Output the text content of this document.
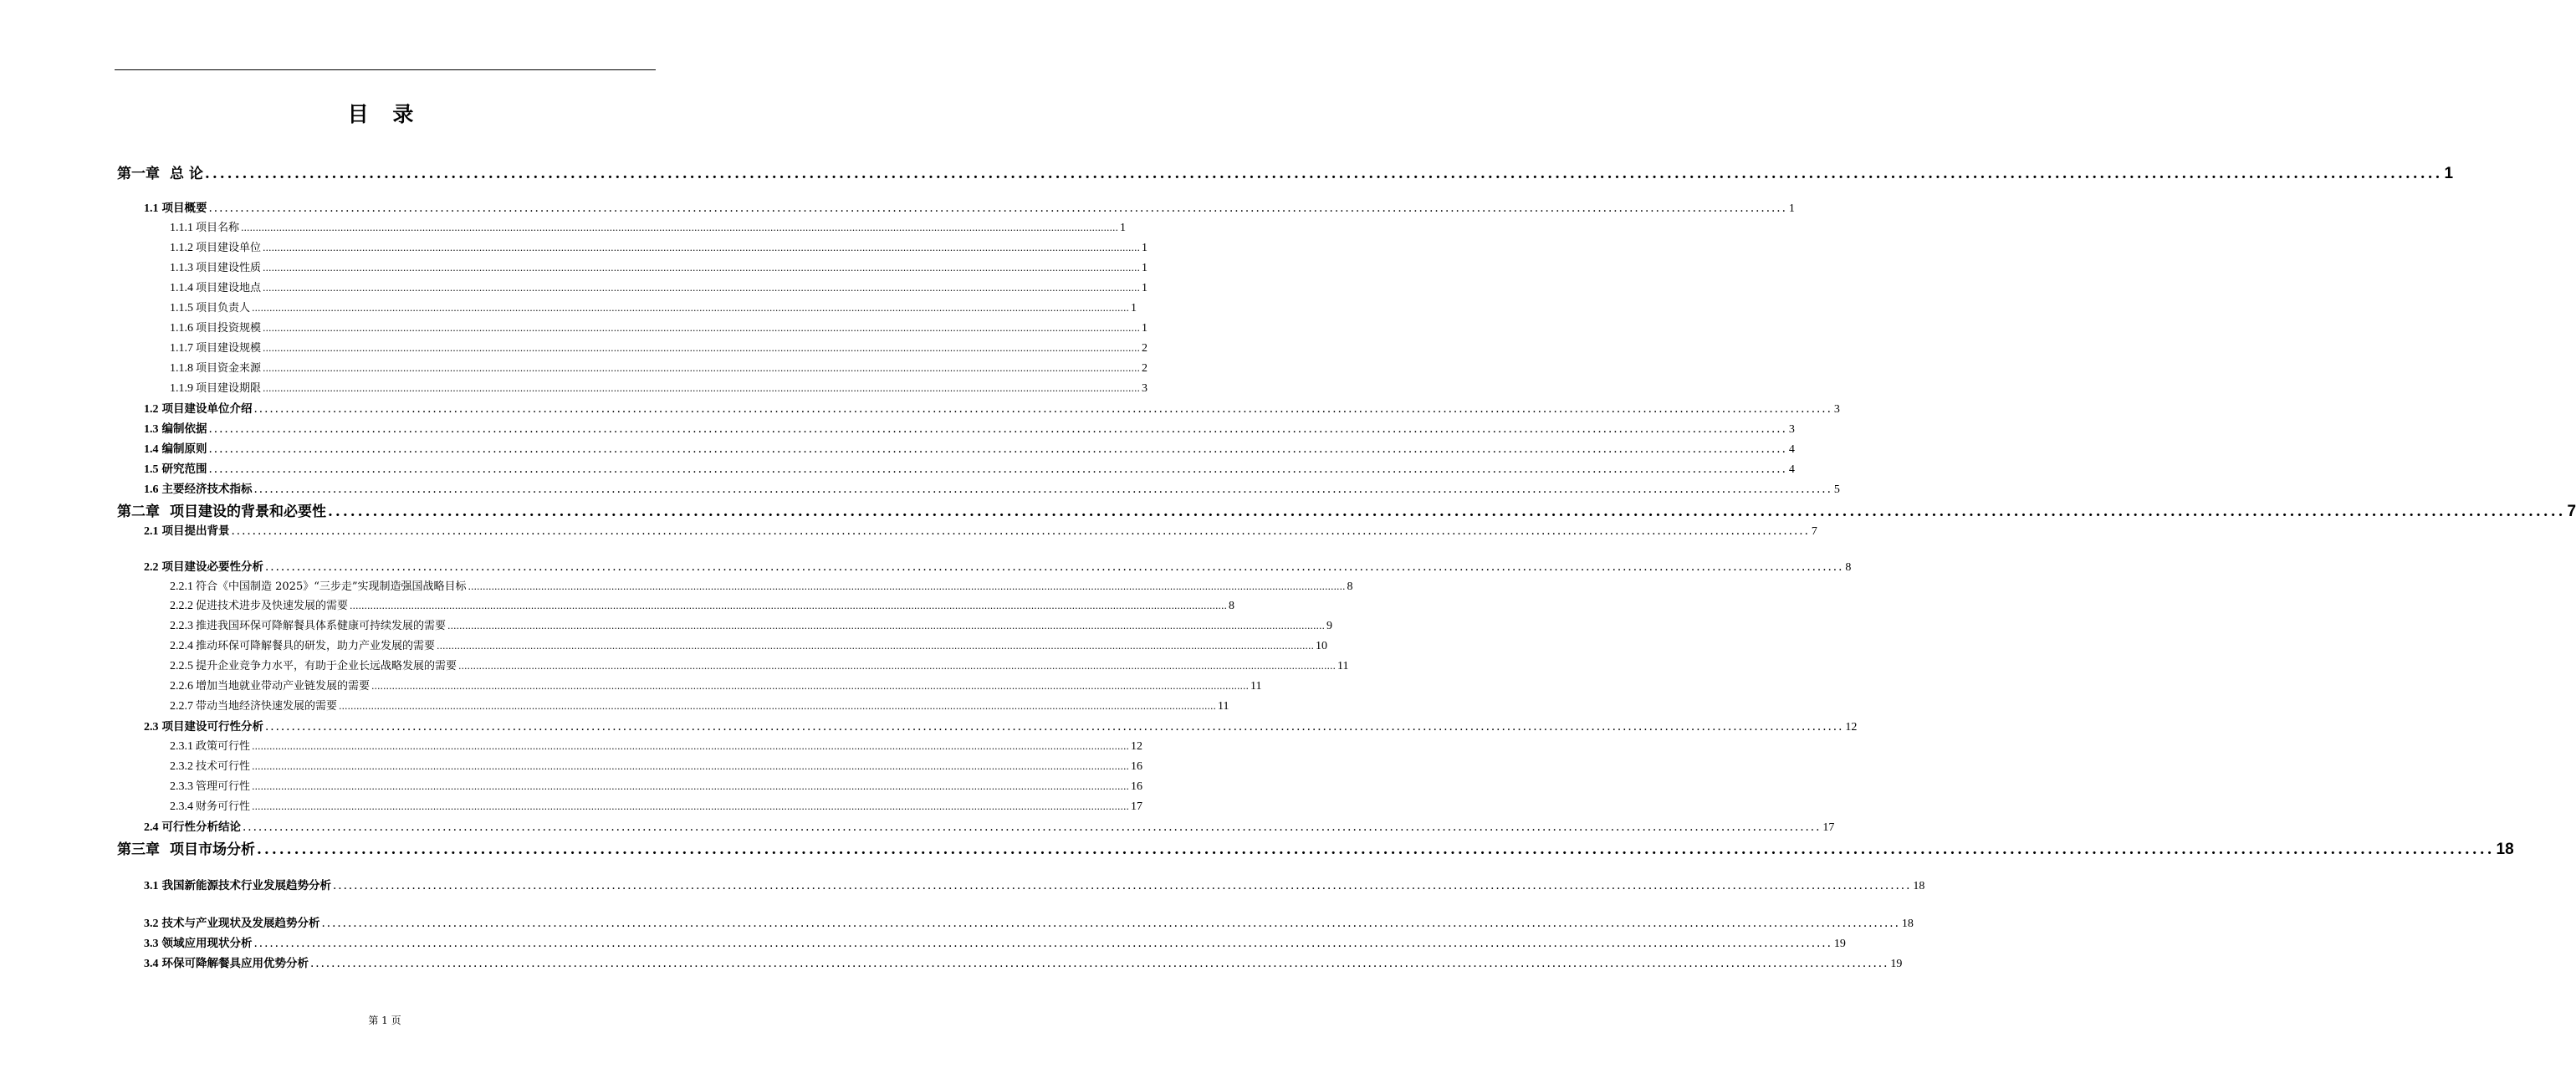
目 录
第一章 总 论 ............................................................................................................................................................................................................................................................................................................ 1
1.1 项目概要 ............................................................................................................................................................................................................................................................................................................ 1
1.1.1 项目名称 ............................................................................................................................................................................................................................................................................................................ 1
1.1.2 项目建设单位 ............................................................................................................................................................................................................................................................................................................ 1
1.1.3 项目建设性质 ............................................................................................................................................................................................................................................................................................................ 1
1.1.4 项目建设地点 ............................................................................................................................................................................................................................................................................................................ 1
1.1.5 项目负责人 ............................................................................................................................................................................................................................................................................................................ 1
1.1.6 项目投资规模 ............................................................................................................................................................................................................................................................................................................ 1
1.1.7 项目建设规模 ............................................................................................................................................................................................................................................................................................................ 2
1.1.8 项目资金来源 ............................................................................................................................................................................................................................................................................................................ 2
1.1.9 项目建设期限 ............................................................................................................................................................................................................................................................................................................ 3
1.2 项目建设单位介绍 ............................................................................................................................................................................................................................................................................................................ 3
1.3 编制依据 ............................................................................................................................................................................................................................................................................................................ 3
1.4 编制原则 ............................................................................................................................................................................................................................................................................................................ 4
1.5 研究范围 ............................................................................................................................................................................................................................................................................................................ 4
1.6 主要经济技术指标 ............................................................................................................................................................................................................................................................................................................ 5
第二章 项目建设的背景和必要性 ............................................................................................................................................................................................................................................................................................................ 7
2.1 项目提出背景 ............................................................................................................................................................................................................................................................................................................ 7
2.2 项目建设必要性分析 ............................................................................................................................................................................................................................................................................................................ 8
2.2.1 符合《中国制造 2025》“三步走”实现制造强国战略目标 ............................................................................................................................................................................................................................................................................................................ 8
2.2.2 促进技术进步及快速发展的需要 ............................................................................................................................................................................................................................................................................................................ 8
2.2.3 推进我国环保可降解餐具体系健康可持续发展的需要 ............................................................................................................................................................................................................................................................................................................ 9
2.2.4 推动环保可降解餐具的研发，助力产业发展的需要 ............................................................................................................................................................................................................................................................................................................ 10
2.2.5 提升企业竞争力水平，有助于企业长远战略发展的需要 ............................................................................................................................................................................................................................................................................................................ 11
2.2.6 增加当地就业带动产业链发展的需要 ............................................................................................................................................................................................................................................................................................................ 11
2.2.7 带动当地经济快速发展的需要 ............................................................................................................................................................................................................................................................................................................ 11
2.3 项目建设可行性分析 ............................................................................................................................................................................................................................................................................................................ 12
2.3.1 政策可行性 ............................................................................................................................................................................................................................................................................................................ 12
2.3.2 技术可行性 ............................................................................................................................................................................................................................................................................................................ 16
2.3.3 管理可行性 ............................................................................................................................................................................................................................................................................................................ 16
2.3.4 财务可行性 ............................................................................................................................................................................................................................................................................................................ 17
2.4 可行性分析结论 ............................................................................................................................................................................................................................................................................................................ 17
第三章 项目市场分析 ............................................................................................................................................................................................................................................................................................................ 18
3.1 我国新能源技术行业发展趋势分析 ............................................................................................................................................................................................................................................................................................................ 18
3.2 技术与产业现状及发展趋势分析 ............................................................................................................................................................................................................................................................................................................ 18
3.3 领域应用现状分析 ............................................................................................................................................................................................................................................................................................................ 19
3.4 环保可降解餐具应用优势分析 ............................................................................................................................................................................................................................................................................................................ 19
第 1 页
